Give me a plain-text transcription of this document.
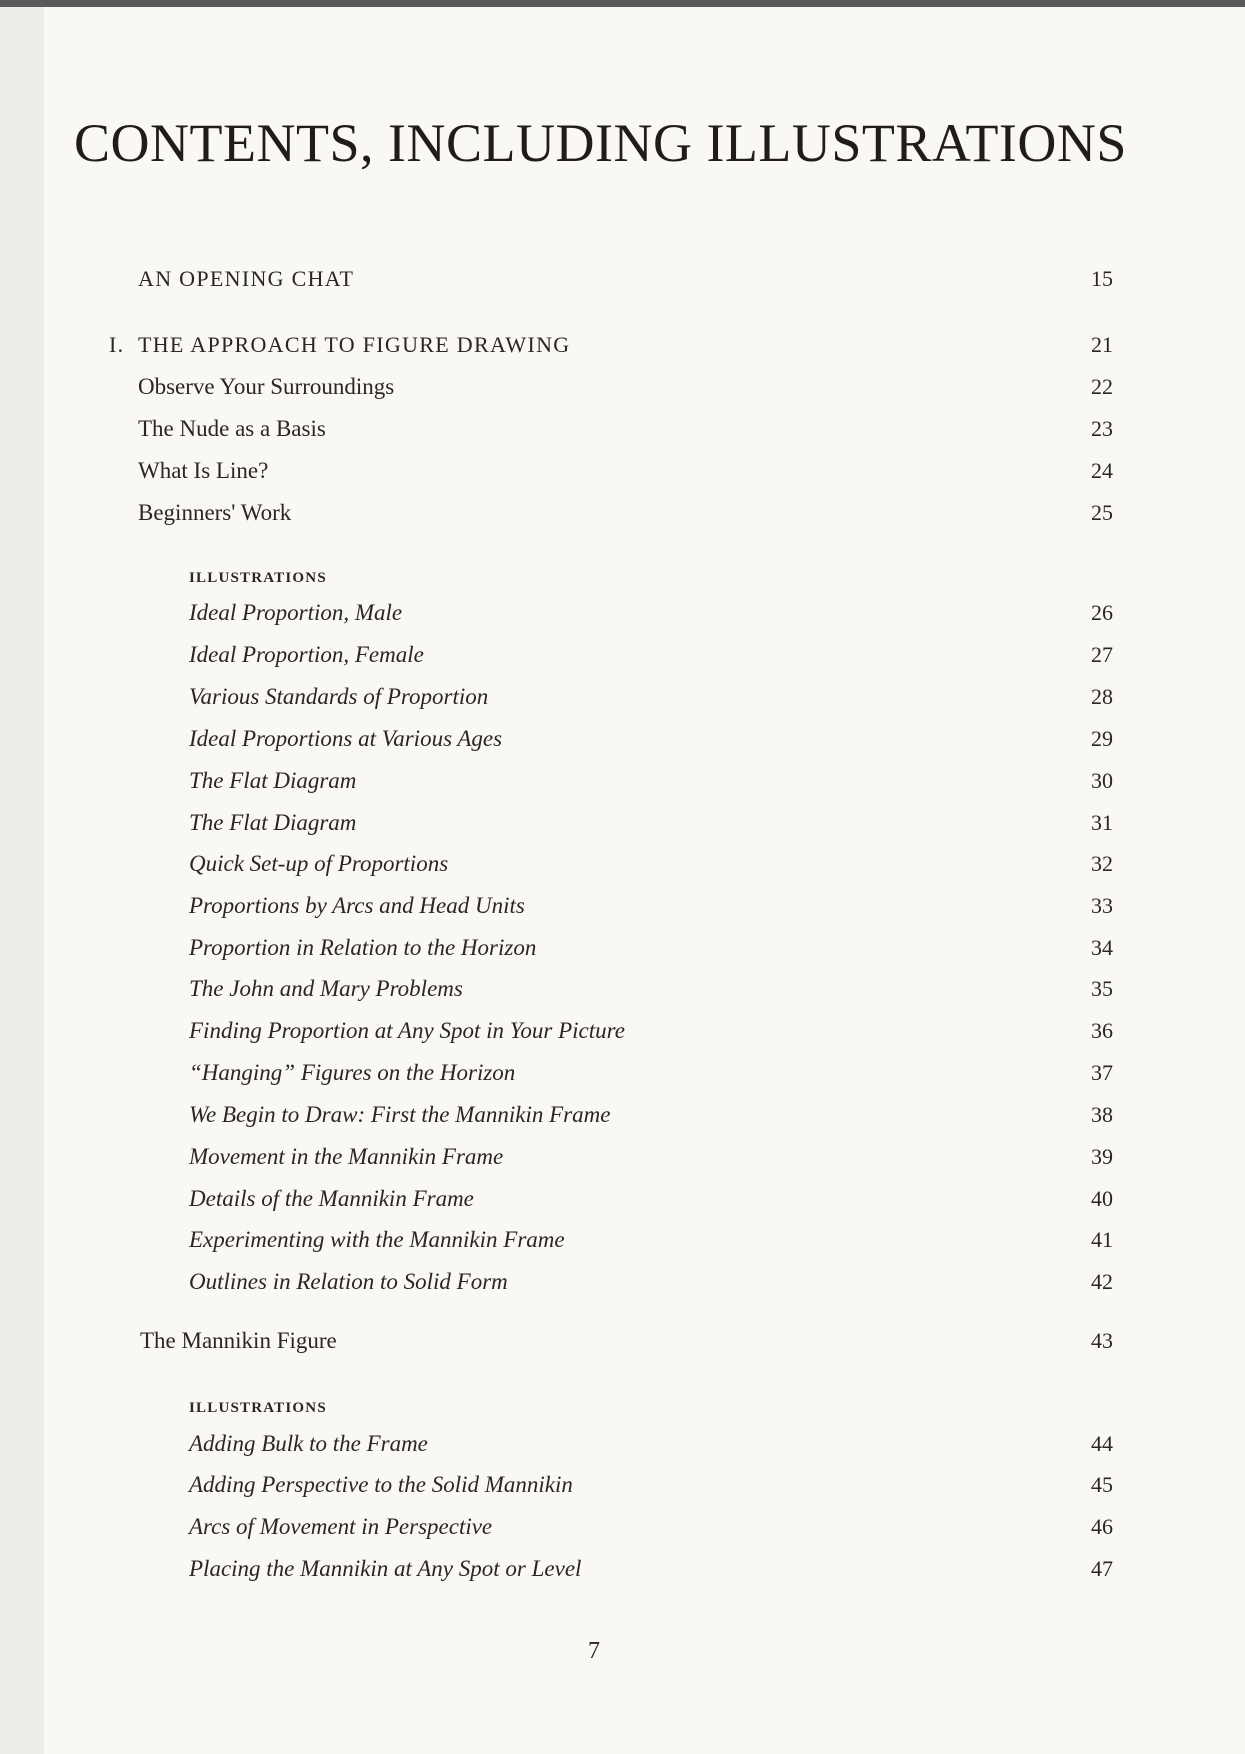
CONTENTS, INCLUDING ILLUSTRATIONS
AN OPENING CHAT	15
I. THE APPROACH TO FIGURE DRAWING	21
Observe Your Surroundings	22
The Nude as a Basis	23
What Is Line?	24
Beginners' Work	25
ILLUSTRATIONS
Ideal Proportion, Male	26
Ideal Proportion, Female	27
Various Standards of Proportion	28
Ideal Proportions at Various Ages	29
The Flat Diagram	30
The Flat Diagram	31
Quick Set-up of Proportions	32
Proportions by Arcs and Head Units	33
Proportion in Relation to the Horizon	34
The John and Mary Problems	35
Finding Proportion at Any Spot in Your Picture	36
“Hanging” Figures on the Horizon	37
We Begin to Draw: First the Mannikin Frame	38
Movement in the Mannikin Frame	39
Details of the Mannikin Frame	40
Experimenting with the Mannikin Frame	41
Outlines in Relation to Solid Form	42
The Mannikin Figure	43
ILLUSTRATIONS
Adding Bulk to the Frame	44
Adding Perspective to the Solid Mannikin	45
Arcs of Movement in Perspective	46
Placing the Mannikin at Any Spot or Level	47
7
